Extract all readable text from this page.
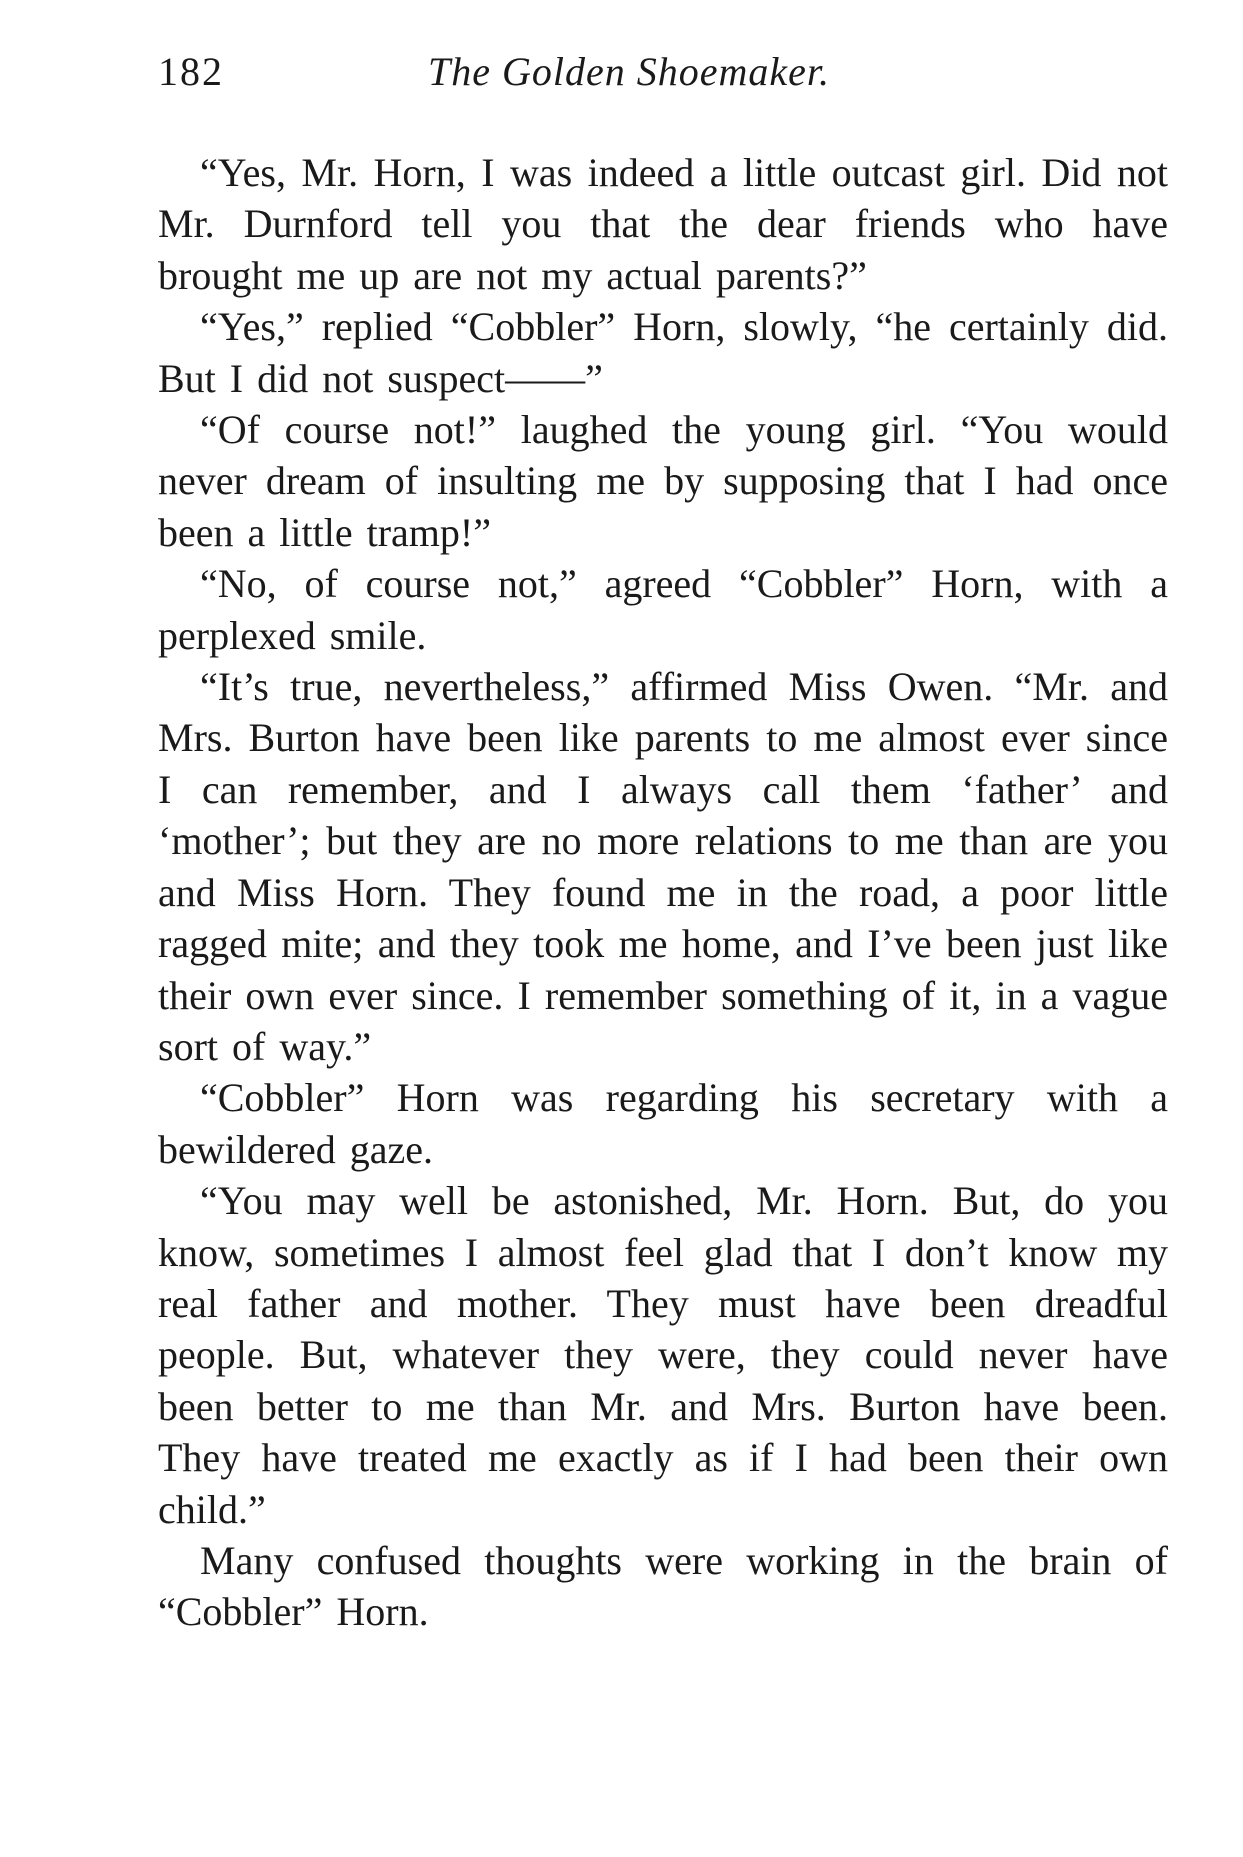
182	The Golden Shoemaker.

“Yes, Mr. Horn, I was indeed a little outcast girl. Did not Mr. Durnford tell you that the dear friends who have brought me up are not my actual parents?”

“Yes,” replied “Cobbler” Horn, slowly, “he certainly did. But I did not suspect——”

“Of course not!” laughed the young girl. “You would never dream of insulting me by supposing that I had once been a little tramp!”

“No, of course not,” agreed “Cobbler” Horn, with a perplexed smile.

“It’s true, nevertheless,” affirmed Miss Owen. “Mr. and Mrs. Burton have been like parents to me almost ever since I can remember, and I always call them ‘father’ and ‘mother’; but they are no more relations to me than are you and Miss Horn. They found me in the road, a poor little ragged mite; and they took me home, and I’ve been just like their own ever since. I remember something of it, in a vague sort of way.”

“Cobbler” Horn was regarding his secretary with a bewildered gaze.

“You may well be astonished, Mr. Horn. But, do you know, sometimes I almost feel glad that I don’t know my real father and mother. They must have been dreadful people. But, whatever they were, they could never have been better to me than Mr. and Mrs. Burton have been. They have treated me exactly as if I had been their own child.”

Many confused thoughts were working in the brain of “Cobbler” Horn.
